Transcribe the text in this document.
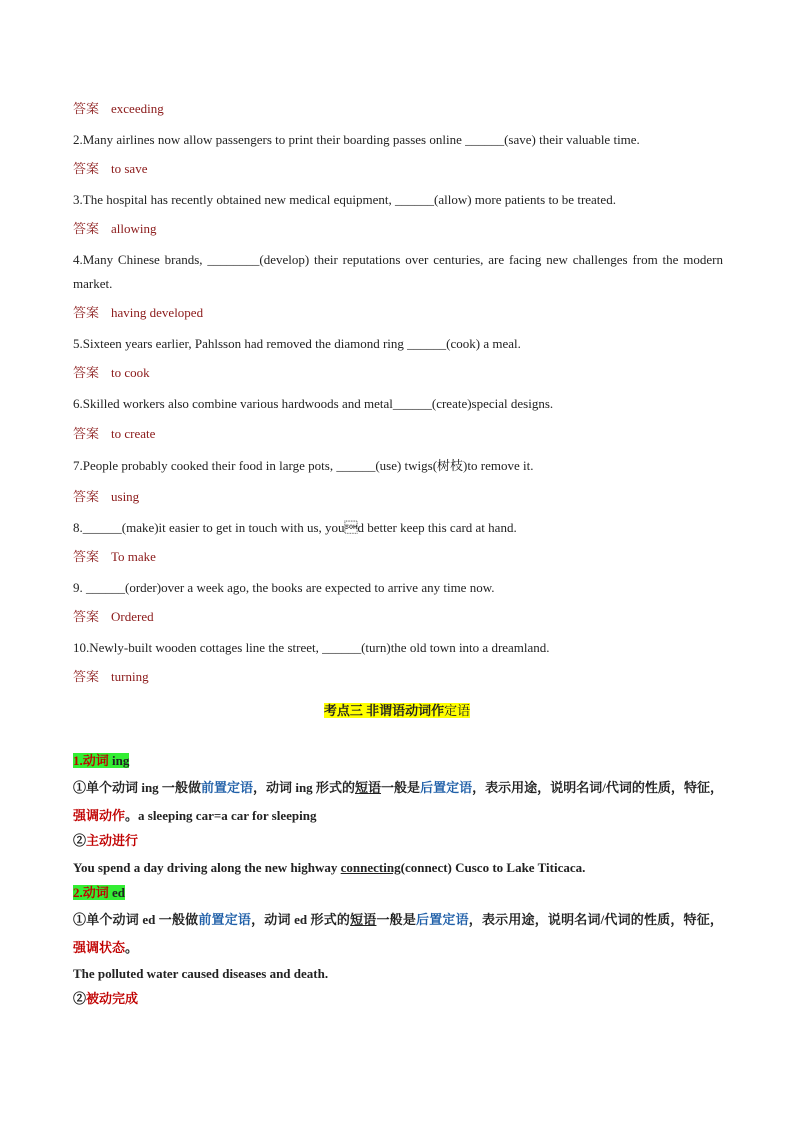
答案 exceeding
2.Many airlines now allow passengers to print their boarding passes online ______(save) their valuable time.
答案 to save
3.The hospital has recently obtained new medical equipment, ______(allow) more patients to be treated.
答案 allowing
4.Many Chinese brands, ________(develop) their reputations over centuries, are facing new challenges from the modern market.
答案 having developed
5.Sixteen years earlier, Pahlsson had removed the diamond ring ______(cook) a meal.
答案 to cook
6.Skilled workers also combine various hardwoods and metal______(create)special designs.
答案 to create
7.People probably cooked their food in large pots, ______(use) twigs(树枝)to remove it.
答案 using
8.______(make)it easier to get in touch with us, youd better keep this card at hand.
答案 To make
9. ______(order)over a week ago, the books are expected to arrive any time now.
答案 Ordered
10.Newly-built wooden cottages line the street, ______(turn)the old town into a dreamland.
答案 turning
考点三 非谓语动词作定语
1.动词 ing
①单个动词 ing 一般做前置定语，动词 ing 形式的短语一般是后置定语，表示用途，说明名词/代词的性质，特征，强调动作。a sleeping car=a car for sleeping
②主动进行
You spend a day driving along the new highway connecting(connect) Cusco to Lake Titicaca.
2.动词 ed
①单个动词 ed 一般做前置定语，动词 ed 形式的短语一般是后置定语，表示用途，说明名词/代词的性质，特征，强调状态。
The polluted water caused diseases and death.
②被动完成
